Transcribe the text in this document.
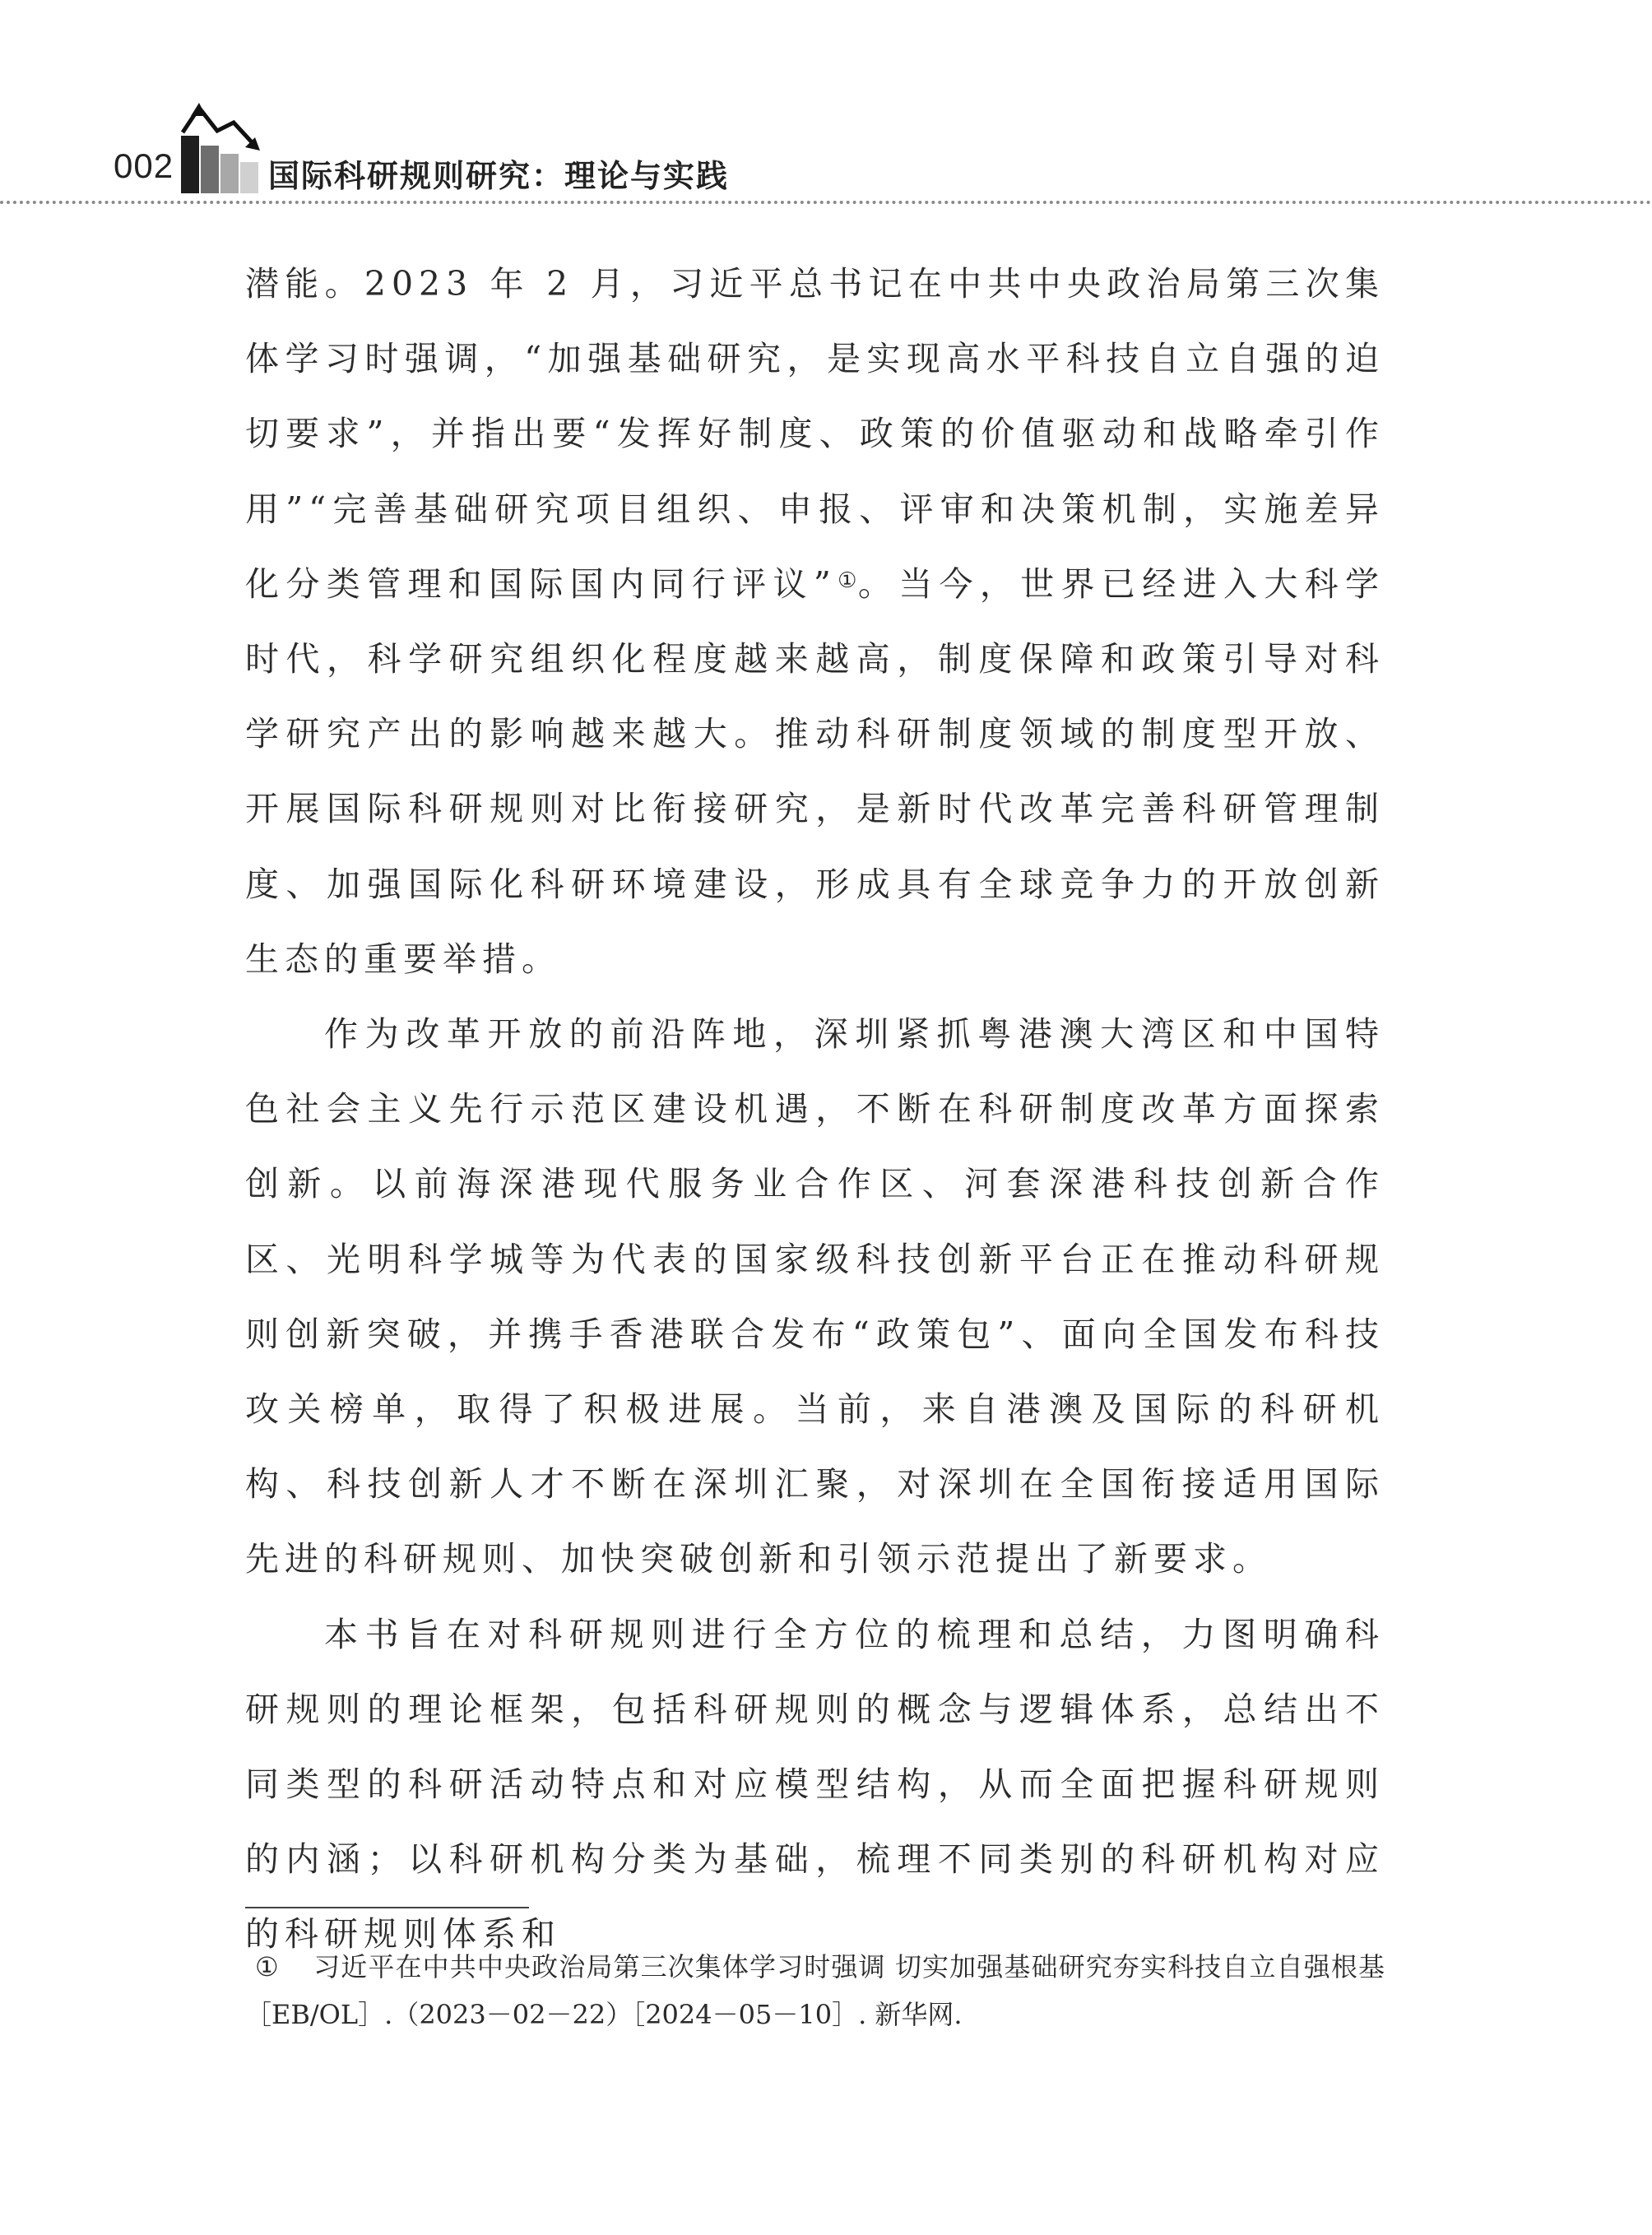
002	国际科研规则研究：理论与实践

潜能。2023 年 2 月，习近平总书记在中共中央政治局第三次集体学习时强调，“加强基础研究，是实现高水平科技自立自强的迫切要求”，并指出要“发挥好制度、政策的价值驱动和战略牵引作用”“完善基础研究项目组织、申报、评审和决策机制，实施差异化分类管理和国际国内同行评议”①。当今，世界已经进入大科学时代，科学研究组织化程度越来越高，制度保障和政策引导对科学研究产出的影响越来越大。推动科研制度领域的制度型开放、开展国际科研规则对比衔接研究，是新时代改革完善科研管理制度、加强国际化科研环境建设，形成具有全球竞争力的开放创新生态的重要举措。

作为改革开放的前沿阵地，深圳紧抓粤港澳大湾区和中国特色社会主义先行示范区建设机遇，不断在科研制度改革方面探索创新。以前海深港现代服务业合作区、河套深港科技创新合作区、光明科学城等为代表的国家级科技创新平台正在推动科研规则创新突破，并携手香港联合发布“政策包”、面向全国发布科技攻关榜单，取得了积极进展。当前，来自港澳及国际的科研机构、科技创新人才不断在深圳汇聚，对深圳在全国衔接适用国际先进的科研规则、加快突破创新和引领示范提出了新要求。

本书旨在对科研规则进行全方位的梳理和总结，力图明确科研规则的理论框架，包括科研规则的概念与逻辑体系，总结出不同类型的科研活动特点和对应模型结构，从而全面把握科研规则的内涵；以科研机构分类为基础，梳理不同类别的科研机构对应的科研规则体系和

① 习近平在中共中央政治局第三次集体学习时强调 切实加强基础研究夯实科技自立自强根基［EB/OL］.（2023－02－22）［2024－05－10］. 新华网.
